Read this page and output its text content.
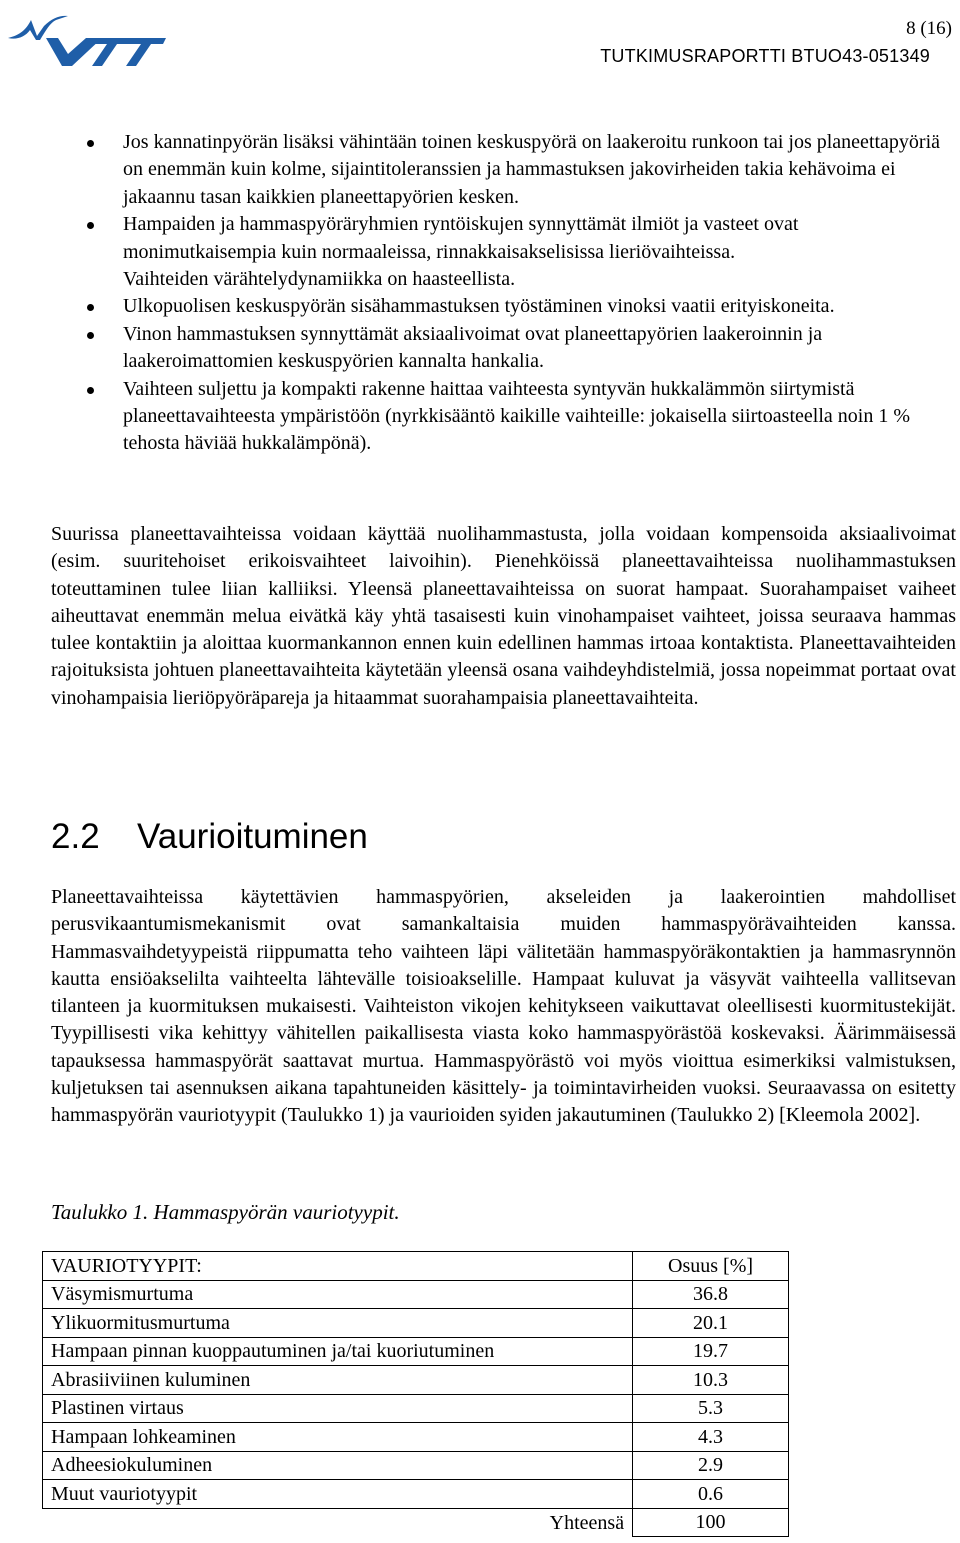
8 (16)
TUTKIMUSRAPORTTI BTUO43-051349
Jos kannatinpyörän lisäksi vähintään toinen keskuspyörä on laakeroitu runkoon tai jos planeettapyöriä on enemmän kuin kolme, sijaintitoleranssien ja hammastuksen jakovirheiden takia kehävoima ei jakaannu tasan kaikkien planeettapyörien kesken.
Hampaiden ja hammaspyöräryhmien ryntöiskujen synnyttämät ilmiöt ja vasteet ovat monimutkaisempia kuin normaaleissa, rinnakkaisakselisissa lieriövaihteissa.
Vaihteiden värähtelydynamiikka on haasteellista.
Ulkopuolisen keskuspyörän sisähammastuksen työstäminen vinoksi vaatii erityiskoneita.
Vinon hammastuksen synnyttämät aksiaalivoimat ovat planeettapyörien laakeroinnin ja laakeroimattomien keskuspyörien kannalta hankalia.
Vaihteen suljettu ja kompakti rakenne haittaa vaihteesta syntyvän hukkalämmön siirtymistä planeettavaihteesta ympäristöön (nyrkkisääntö kaikille vaihteille: jokaisella siirtoasteella noin 1 % tehosta häviää hukkalämpönä).

Suurissa planeettavaihteissa voidaan käyttää nuolihammastusta, jolla voidaan kompensoida aksiaalivoimat (esim. suuritehoiset erikoisvaihteet laivoihin). Pienehköissä planeettavaihteissa nuolihammastuksen toteuttaminen tulee liian kalliiksi. Yleensä planeettavaihteissa on suorat hampaat. Suorahampaiset vaiheet aiheuttavat enemmän melua eivätkä käy yhtä tasaisesti kuin vinohampaiset vaihteet, joissa seuraava hammas tulee kontaktiin ja aloittaa kuormankannon ennen kuin edellinen hammas irtoaa kontaktista. Planeettavaihteiden rajoituksista johtuen planeettavaihteita käytetään yleensä osana vaihdeyhdistelmiä, jossa nopeimmat portaat ovat vinohampaisia lieriöpyöräpareja ja hitaammat suorahampaisia planeettavaihteita.

2.2 Vaurioituminen

Planeettavaihteissa käytettävien hammaspyörien, akseleiden ja laakerointien mahdolliset perusvikaantumismekanismit ovat samankaltaisia muiden hammaspyörävaihteiden kanssa. Hammasvaihdetyypeistä riippumatta teho vaihteen läpi välitetään hammaspyöräkontaktien ja hammasrynnön kautta ensiöakselilta vaihteelta lähtevälle toisioakselille. Hampaat kuluvat ja väsyvät vaihteella vallitsevan tilanteen ja kuormituksen mukaisesti. Vaihteiston vikojen kehitykseen vaikuttavat oleellisesti kuormitustekijät. Tyypillisesti vika kehittyy vähitellen paikallisesta viasta koko hammaspyörästöä koskevaksi. Äärimmäisessä tapauksessa hammaspyörät saattavat murtua. Hammaspyörästö voi myös vioittua esimerkiksi valmistuksen, kuljetuksen tai asennuksen aikana tapahtuneiden käsittely- ja toimintavirheiden vuoksi. Seuraavassa on esitetty hammaspyörän vauriotyypit (Taulukko 1) ja vaurioiden syiden jakautuminen (Taulukko 2) [Kleemola 2002].

Taulukko 1. Hammaspyörän vauriotyypit.

VAURIOTYYPIT:	Osuus [%]
Väsymismurtuma	36.8
Ylikuormitusmurtuma	20.1
Hampaan pinnan kuoppautuminen ja/tai kuoriutuminen	19.7
Abrasiiviinen kuluminen	10.3
Plastinen virtaus	5.3
Hampaan lohkeaminen	4.3
Adheesiokuluminen	2.9
Muut vauriotyypit	0.6
Yhteensä	100
